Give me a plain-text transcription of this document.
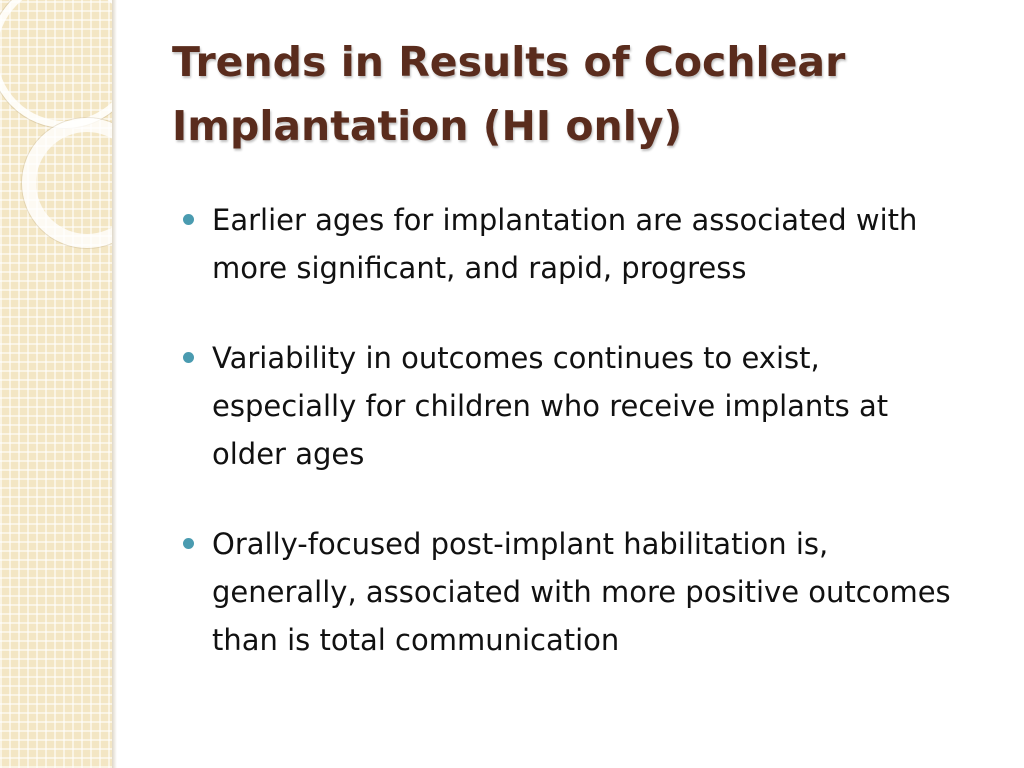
Trends in Results of Cochlear Implantation (HI only)
Earlier ages for implantation are associated with more significant, and rapid, progress
Variability in outcomes continues to exist, especially for children who receive implants at older ages
Orally-focused post-implant habilitation is, generally, associated with more positive outcomes than is total communication
